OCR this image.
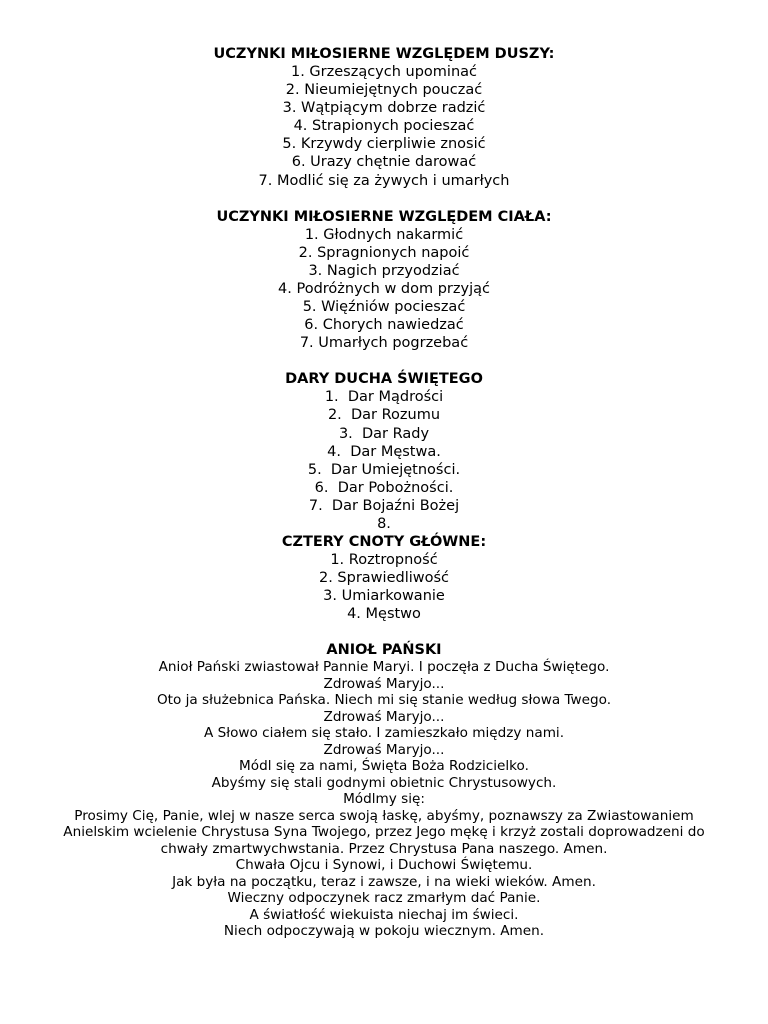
UCZYNKI MIŁOSIERNE WZGLĘDEM DUSZY:
1. Grzeszących upominać
2. Nieumiejętnych pouczać
3. Wątpiącym dobrze radzić
4. Strapionych pocieszać
5. Krzywdy cierpliwie znosić
6. Urazy chętnie darować
7. Modlić się za żywych i umarłych
UCZYNKI MIŁOSIERNE WZGLĘDEM CIAŁA:
1. Głodnych nakarmić
2. Spragnionych napoić
3. Nagich przyodziać
4. Podróżnych w dom przyjąć
5. Więźniów pocieszać
6. Chorych nawiedzać
7. Umarłych pogrzebać
DARY DUCHA ŚWIĘTEGO
1.  Dar Mądrości
2.  Dar Rozumu
3.  Dar Rady
4.  Dar Męstwa.
5.  Dar Umiejętności.
6.  Dar Pobożności.
7.  Dar Bojaźni Bożej
8.
CZTERY CNOTY GŁÓWNE:
1. Roztropność
2. Sprawiedliwość
3. Umiarkowanie
4. Męstwo
ANIOŁ PAŃSKI

Anioł Pański zwiastował Pannie Maryi. I poczęła z Ducha Świętego.

Zdrowaś Maryjo...

Oto ja służebnica Pańska. Niech mi się stanie według słowa Twego.

Zdrowaś Maryjo...

A Słowo ciałem się stało. I zamieszkało między nami.

Zdrowaś Maryjo...

Módl się za nami, Święta Boża Rodzicielko.

Abyśmy się stali godnymi obietnic Chrystusowych.

Módlmy się:

Prosimy Cię, Panie, wlej w nasze serca swoją łaskę, abyśmy, poznawszy za Zwiastowaniem Anielskim wcielenie Chrystusa Syna Twojego, przez Jego mękę i krzyż zostali doprowadzeni do chwały zmartwychwstania. Przez Chrystusa Pana naszego. Amen.

Chwała Ojcu i Synowi, i Duchowi Świętemu.

Jak była na początku, teraz i zawsze, i na wieki wieków. Amen.

Wieczny odpoczynek racz zmarłym dać Panie.

A światłość wiekuista niechaj im świeci.

Niech odpoczywają w pokoju wiecznym. Amen.
